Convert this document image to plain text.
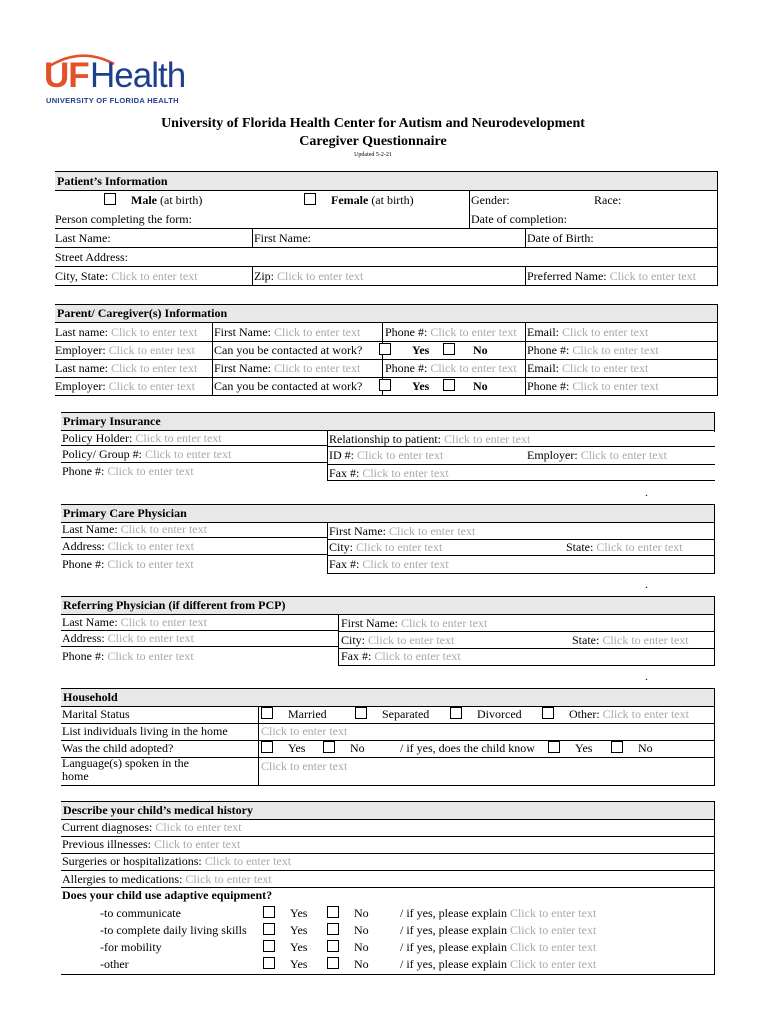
UF Health
UNIVERSITY OF FLORIDA HEALTH
University of Florida Health Center for Autism and Neurodevelopment
Caregiver Questionnaire
Updated 5-2-21
Patient’s Information
Male (at birth)	Female (at birth)	Gender:	Race:
Person completing the form:	Date of completion:
Last Name:	First Name:	Date of Birth:
Street Address:
City, State: Click to enter text	Zip: Click to enter text	Preferred Name: Click to enter text
Parent/ Caregiver(s) Information
Last name: Click to enter text First Name: Click to enter text Phone #: Click to enter text Email: Click to enter text
Employer: Click to enter text Can you be contacted at work?	Yes	No	Phone #: Click to enter text
Last name: Click to enter text First Name: Click to enter text Phone #: Click to enter text Email: Click to enter text
Employer: Click to enter text Can you be contacted at work?	Yes	No	Phone #: Click to enter text
Primary Insurance
Policy Holder: Click to enter text	Relationship to patient: Click to enter text
Policy/ Group #: Click to enter text	ID #: Click to enter text	Employer: Click to enter text
Phone #: Click to enter text	Fax #: Click to enter text
.
Primary Care Physician
Last Name: Click to enter text	First Name: Click to enter text
Address: Click to enter text	City: Click to enter text	State: Click to enter text
Phone #: Click to enter text	Fax #: Click to enter text
.
Referring Physician (if different from PCP)
Last Name: Click to enter text	First Name: Click to enter text
Address: Click to enter text	City: Click to enter text	State: Click to enter text
Phone #: Click to enter text	Fax #: Click to enter text
.
Household
Marital Status	Married	Separated	Divorced	Other: Click to enter text
List individuals living in the home	Click to enter text
Was the child adopted?	Yes	No	/ if yes, does the child know	Yes	No
Language(s) spoken in the
home
Click to enter text
Describe your child’s medical history
Current diagnoses: Click to enter text
Previous illnesses: Click to enter text
Surgeries or hospitalizations: Click to enter text
Allergies to medications: Click to enter text
Does your child use adaptive equipment?
-to communicate	Yes	No	/ if yes, please explain Click to enter text
-to complete daily living skills	Yes	No	/ if yes, please explain Click to enter text
-for mobility	Yes	No	/ if yes, please explain Click to enter text
-other	Yes	No	/ if yes, please explain Click to enter text
